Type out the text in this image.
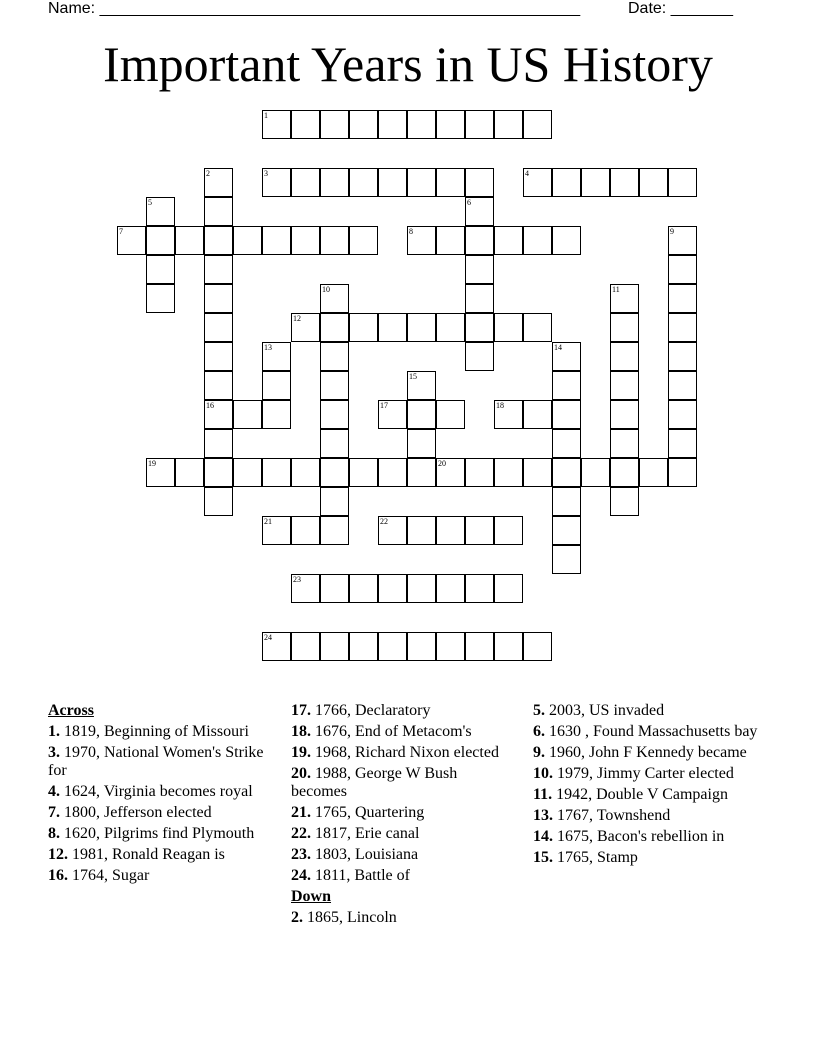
Name: ______________________________________________________	Date: _______
Important Years in US History
1
2
16
3	4
5	6
7	8	9
10	11
12
13	14
15
17	18
19	20
21	22
23
24
Across
1. 1819, Beginning of Missouri
3. 1970, National Women's Strike for
4. 1624, Virginia becomes royal
7. 1800, Jefferson elected
8. 1620, Pilgrims find Plymouth
12. 1981, Ronald Reagan is
16. 1764, Sugar
17. 1766, Declaratory
18. 1676, End of Metacom's
19. 1968, Richard Nixon elected
20. 1988, George W Bush becomes
21. 1765, Quartering
22. 1817, Erie canal
23. 1803, Louisiana
24. 1811, Battle of
Down
2. 1865, Lincoln
5. 2003, US invaded
6. 1630 , Found Massachusetts bay
9. 1960, John F Kennedy became
10. 1979, Jimmy Carter elected
11. 1942, Double V Campaign
13. 1767, Townshend
14. 1675, Bacon's rebellion in
15. 1765, Stamp
